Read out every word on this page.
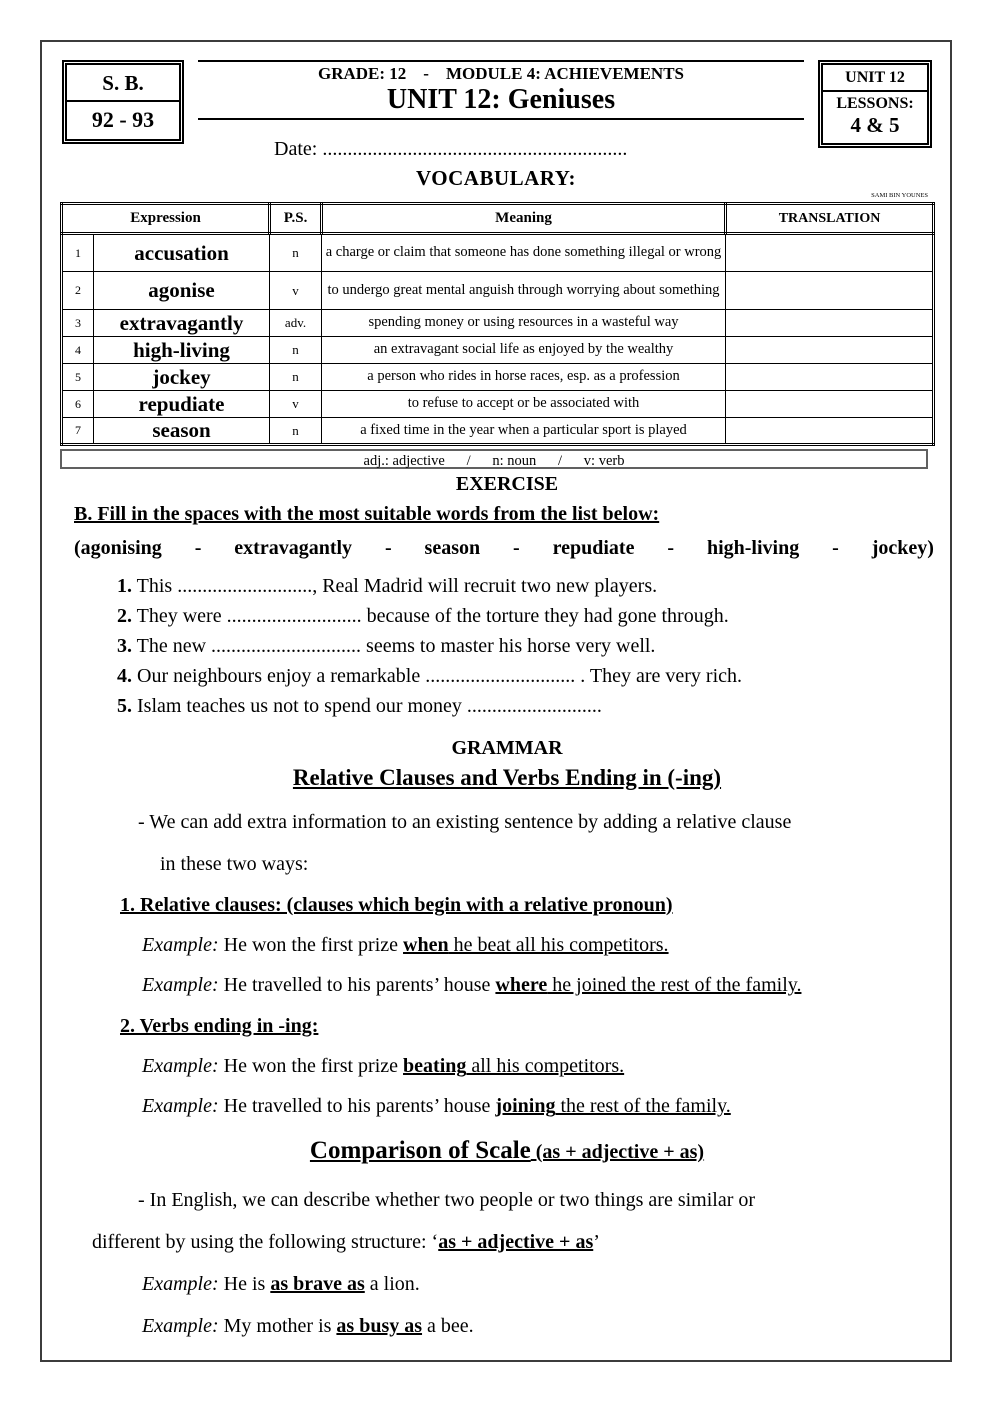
S. B.
92 - 93
GRADE: 12  -  MODULE 4: ACHIEVEMENTS
UNIT 12: Geniuses
UNIT 12
LESSONS:
4 & 5
Date: .............................................................
VOCABULARY:
SAMI BIN YOUNES
Expression		P.S.	Meaning	TRANSLATION
1	accusation	n	a charge or claim that someone has done something illegal or wrong	
2	agonise	v	to undergo great mental anguish through worrying about something	
3	extravagantly	adv.	spending money or using resources in a wasteful way	
4	high-living	n	an extravagant social life as enjoyed by the wealthy	
5	jockey	n	a person who rides in horse races, esp. as a profession	
6	repudiate	v	to refuse to accept or be associated with	
7	season	n	a fixed time in the year when a particular sport is played	
adj.: adjective   /   n: noun   /   v: verb
EXERCISE
B. Fill in the spaces with the most suitable words from the list below:
(agonising - extravagantly - season - repudiate - high-living - jockey)
1. This ..........................., Real Madrid will recruit two new players.
2. They were ........................... because of the torture they had gone through.
3. The new .............................. seems to master his horse very well.
4. Our neighbours enjoy a remarkable .............................. . They are very rich.
5. Islam teaches us not to spend our money ...........................
GRAMMAR
Relative Clauses and Verbs Ending in (-ing)
- We can add extra information to an existing sentence by adding a relative clause
in these two ways:
1. Relative clauses: (clauses which begin with a relative pronoun)
Example: He won the first prize when he beat all his competitors.
Example: He travelled to his parents’ house where he joined the rest of the family.
2. Verbs ending in -ing:
Example: He won the first prize beating all his competitors.
Example: He travelled to his parents’ house joining the rest of the family.
Comparison of Scale (as + adjective + as)
- In English, we can describe whether two people or two things are similar or
different by using the following structure: ‘as + adjective + as’
Example: He is as brave as a lion.
Example: My mother is as busy as a bee.
